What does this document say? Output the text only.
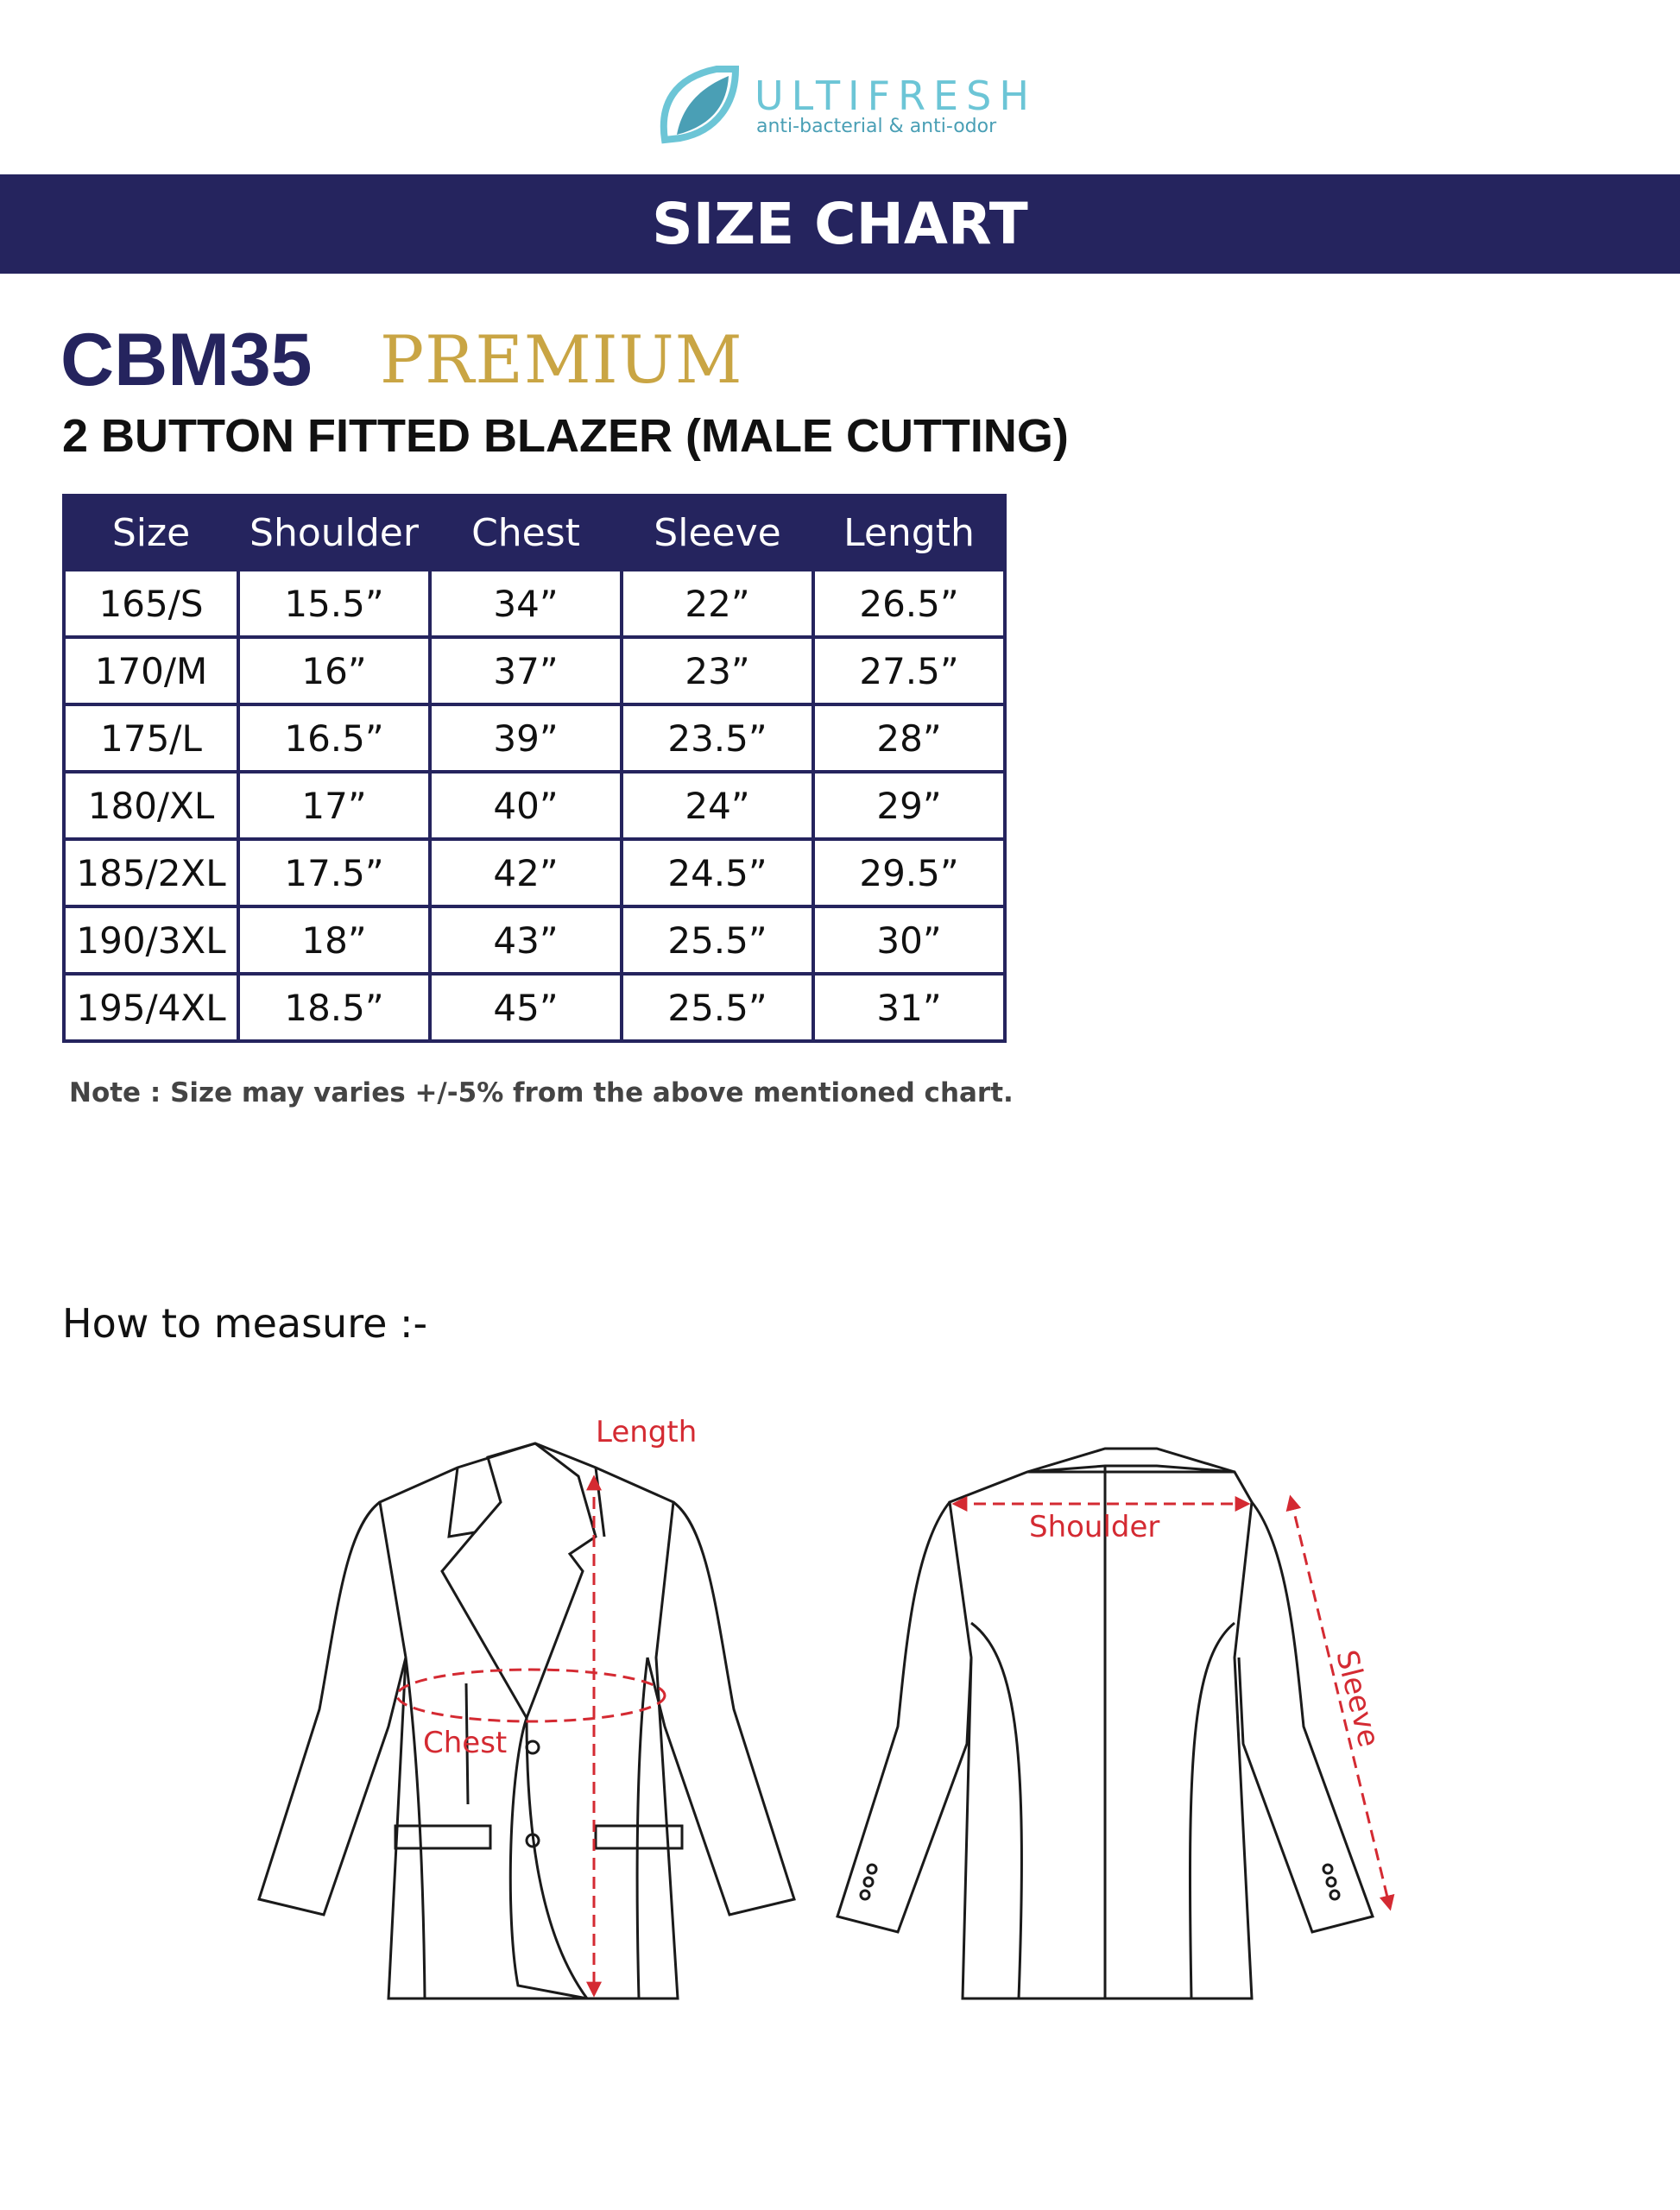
ULTIFRESH
anti-bacterial & anti-odor
SIZE CHART
CBM35 PREMIUM
2 BUTTON FITTED BLAZER (MALE CUTTING)
Size	Shoulder	Chest	Sleeve	Length
165/S	15.5”	34”	22”	26.5”
170/M	16”	37”	23”	27.5”
175/L	16.5”	39”	23.5”	28”
180/XL	17”	40”	24”	29”
185/2XL	17.5”	42”	24.5”	29.5”
190/3XL	18”	43”	25.5”	30”
195/4XL	18.5”	45”	25.5”	31”
Note : Size may varies +/-5% from the above mentioned chart.
How to measure :-
Chest
Length
Shoulder
Sleeve
